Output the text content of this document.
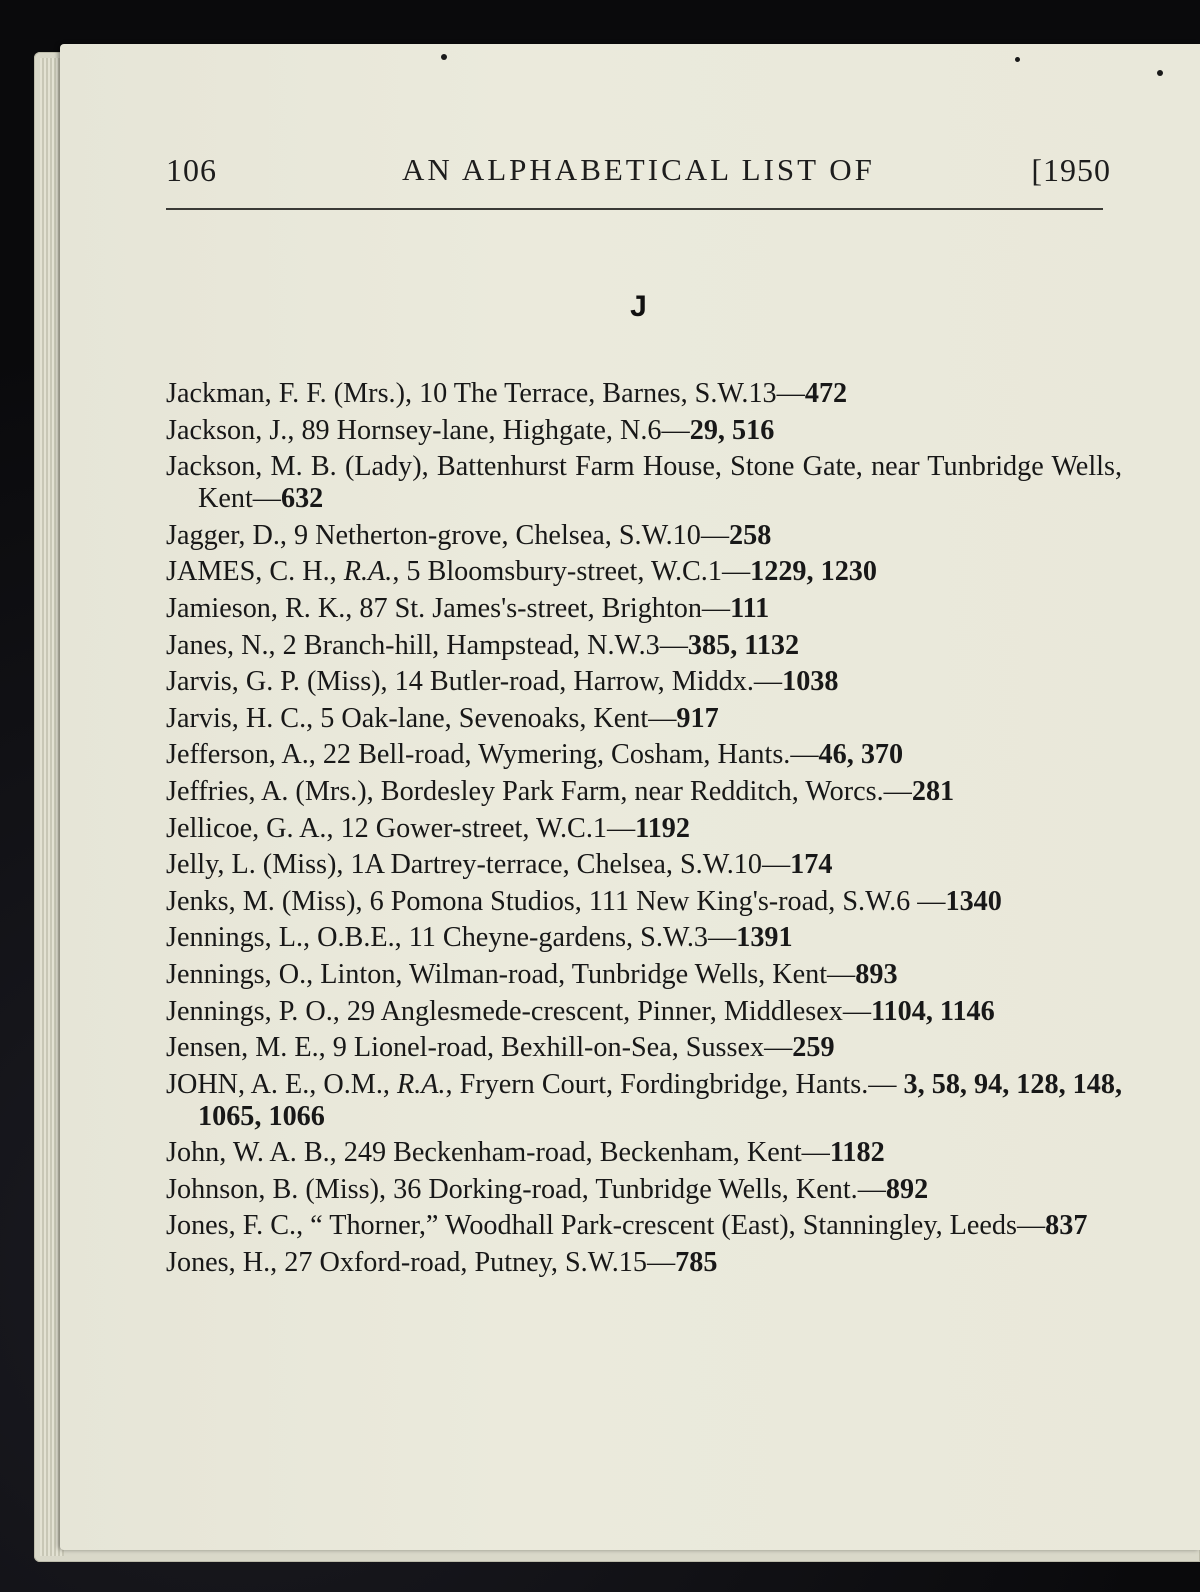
106	AN ALPHABETICAL LIST OF	[1950
J
Jackman, F. F. (Mrs.), 10 The Terrace, Barnes, S.W.13—472
Jackson, J., 89 Hornsey-lane, Highgate, N.6—29, 516
Jackson, M. B. (Lady), Battenhurst Farm House, Stone Gate, near Tunbridge Wells, Kent—632
Jagger, D., 9 Netherton-grove, Chelsea, S.W.10—258
JAMES, C. H., R.A., 5 Bloomsbury-street, W.C.1—1229, 1230
Jamieson, R. K., 87 St. James's-street, Brighton—111
Janes, N., 2 Branch-hill, Hampstead, N.W.3—385, 1132
Jarvis, G. P. (Miss), 14 Butler-road, Harrow, Middx.—1038
Jarvis, H. C., 5 Oak-lane, Sevenoaks, Kent—917
Jefferson, A., 22 Bell-road, Wymering, Cosham, Hants.—46, 370
Jeffries, A. (Mrs.), Bordesley Park Farm, near Redditch, Worcs.—281
Jellicoe, G. A., 12 Gower-street, W.C.1—1192
Jelly, L. (Miss), 1A Dartrey-terrace, Chelsea, S.W.10—174
Jenks, M. (Miss), 6 Pomona Studios, 111 New King's-road, S.W.6 —1340
Jennings, L., O.B.E., 11 Cheyne-gardens, S.W.3—1391
Jennings, O., Linton, Wilman-road, Tunbridge Wells, Kent—893
Jennings, P. O., 29 Anglesmede-crescent, Pinner, Middlesex—1104, 1146
Jensen, M. E., 9 Lionel-road, Bexhill-on-Sea, Sussex—259
JOHN, A. E., O.M., R.A., Fryern Court, Fordingbridge, Hants.— 3, 58, 94, 128, 148, 1065, 1066
John, W. A. B., 249 Beckenham-road, Beckenham, Kent—1182
Johnson, B. (Miss), 36 Dorking-road, Tunbridge Wells, Kent.—892
Jones, F. C., “ Thorner,” Woodhall Park-crescent (East), Stanningley, Leeds—837
Jones, H., 27 Oxford-road, Putney, S.W.15—785
